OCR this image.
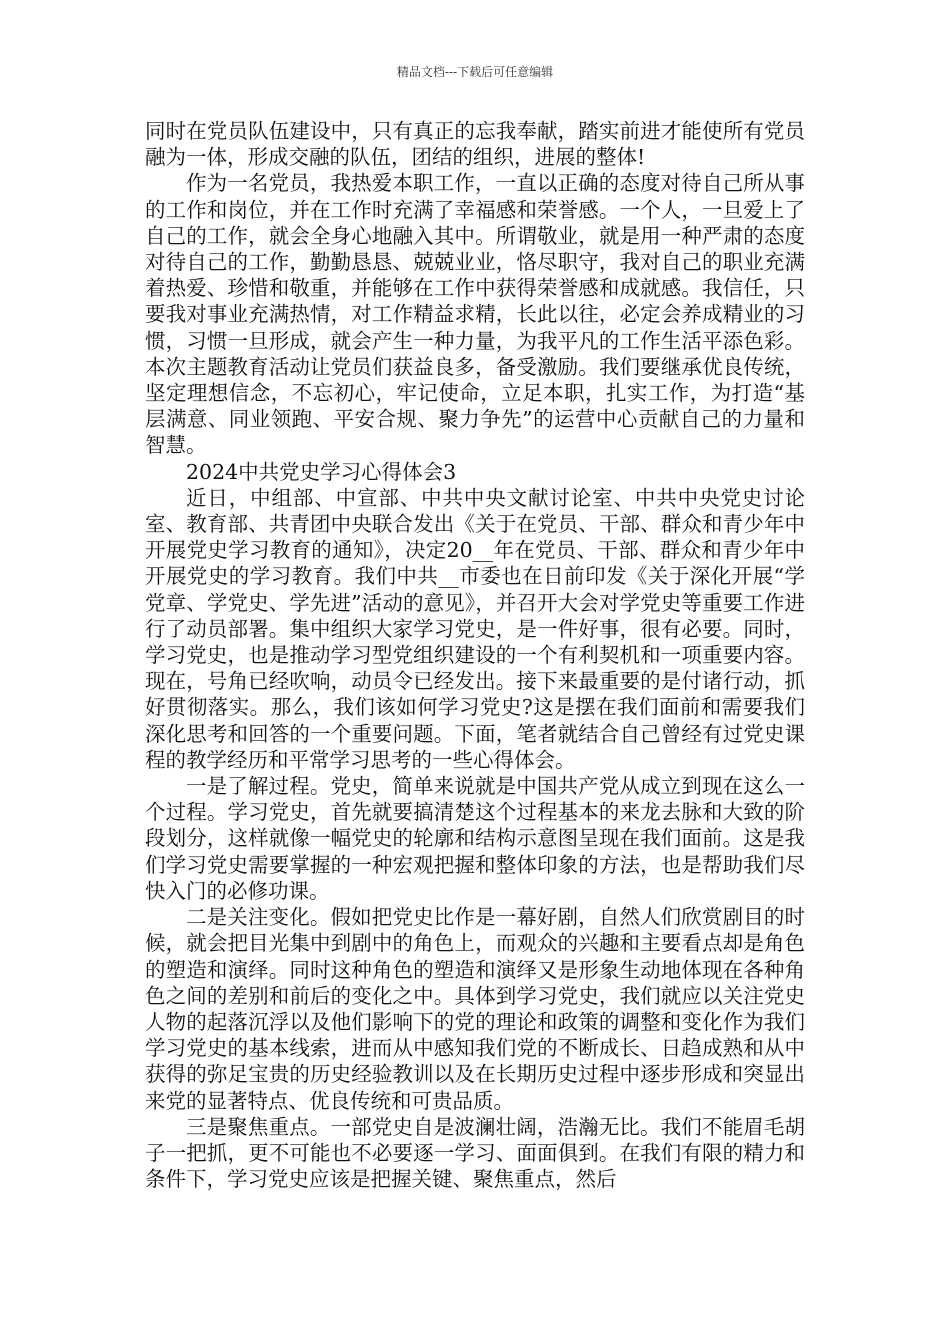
精品文档---下载后可任意编辑

同时在党员队伍建设中，只有真正的忘我奉献，踏实前进才能使所有党员融为一体，形成交融的队伍，团结的组织，进展的整体!

作为一名党员，我热爱本职工作，一直以正确的态度对待自己所从事的工作和岗位，并在工作时充满了幸福感和荣誉感。一个人，一旦爱上了自己的工作，就会全身心地融入其中。所谓敬业，就是用一种严肃的态度对待自己的工作，勤勤恳恳、兢兢业业，恪尽职守，我对自己的职业充满着热爱、珍惜和敬重，并能够在工作中获得荣誉感和成就感。我信任，只要我对事业充满热情，对工作精益求精，长此以往，必定会养成精业的习惯，习惯一旦形成，就会产生一种力量，为我平凡的工作生活平添色彩。本次主题教育活动让党员们获益良多，备受激励。我们要继承优良传统，坚定理想信念，不忘初心，牢记使命，立足本职，扎实工作，为打造“基层满意、同业领跑、平安合规、聚力争先”的运营中心贡献自己的力量和智慧。

2024中共党史学习心得体会3

近日，中组部、中宣部、中共中央文献讨论室、中共中央党史讨论室、教育部、共青团中央联合发出《关于在党员、干部、群众和青少年中开展党史学习教育的通知》，决定20__年在党员、干部、群众和青少年中开展党史的学习教育。我们中共__市委也在日前印发《关于深化开展“学党章、学党史、学先进”活动的意见》，并召开大会对学党史等重要工作进行了动员部署。集中组织大家学习党史，是一件好事，很有必要。同时，学习党史，也是推动学习型党组织建设的一个有利契机和一项重要内容。现在，号角已经吹响，动员令已经发出。接下来最重要的是付诸行动，抓好贯彻落实。那么，我们该如何学习党史?这是摆在我们面前和需要我们深化思考和回答的一个重要问题。下面，笔者就结合自己曾经有过党史课程的教学经历和平常学习思考的一些心得体会。

一是了解过程。党史，简单来说就是中国共产党从成立到现在这么一个过程。学习党史，首先就要搞清楚这个过程基本的来龙去脉和大致的阶段划分，这样就像一幅党史的轮廓和结构示意图呈现在我们面前。这是我们学习党史需要掌握的一种宏观把握和整体印象的方法，也是帮助我们尽快入门的必修功课。

二是关注变化。假如把党史比作是一幕好剧，自然人们欣赏剧目的时候，就会把目光集中到剧中的角色上，而观众的兴趣和主要看点却是角色的塑造和演绎。同时这种角色的塑造和演绎又是形象生动地体现在各种角色之间的差别和前后的变化之中。具体到学习党史，我们就应以关注党史人物的起落沉浮以及他们影响下的党的理论和政策的调整和变化作为我们学习党史的基本线索，进而从中感知我们党的不断成长、日趋成熟和从中获得的弥足宝贵的历史经验教训以及在长期历史过程中逐步形成和突显出来党的显著特点、优良传统和可贵品质。

三是聚焦重点。一部党史自是波澜壮阔，浩瀚无比。我们不能眉毛胡子一把抓，更不可能也不必要逐一学习、面面俱到。在我们有限的精力和条件下，学习党史应该是把握关键、聚焦重点，然后
